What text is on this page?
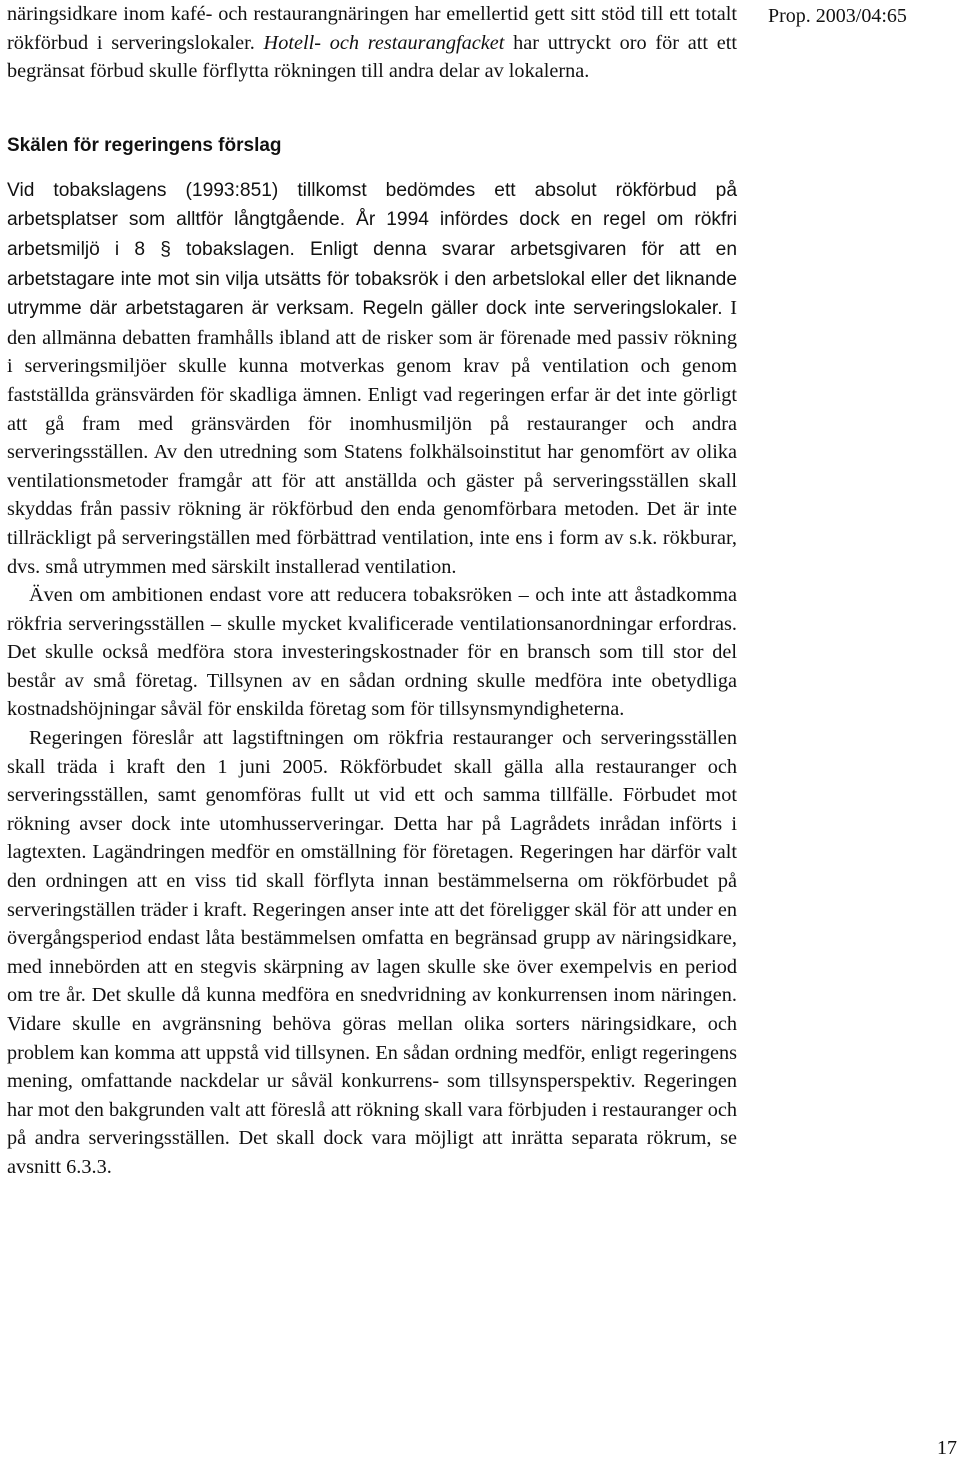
Prop. 2003/04:65

näringsidkare inom kafé- och restaurangnäringen har emellertid gett sitt stöd till ett totalt rökförbud i serveringslokaler. Hotell- och restaurangfacket har uttryckt oro för att ett begränsat förbud skulle förflytta rökningen till andra delar av lokalerna.

Skälen för regeringens förslag

Vid tobakslagens (1993:851) tillkomst bedömdes ett absolut rökförbud på arbetsplatser som alltför långtgående. År 1994 infördes dock en regel om rökfri arbetsmiljö i 8 § tobakslagen. Enligt denna svarar arbetsgivaren för att en arbetstagare inte mot sin vilja utsätts för tobaksrök i den arbetslokal eller det liknande utrymme där arbetstagaren är verksam. Regeln gäller dock inte serveringslokaler. I den allmänna debatten framhålls ibland att de risker som är förenade med passiv rökning i serveringsmiljöer skulle kunna motverkas genom krav på ventilation och genom fastställda gränsvärden för skadliga ämnen. Enligt vad regeringen erfar är det inte görligt att gå fram med gränsvärden för inomhusmiljön på restauranger och andra serveringsställen. Av den utredning som Statens folkhälsoinstitut har genomfört av olika ventilationsmetoder framgår att för att anställda och gäster på serveringsställen skall skyddas från passiv rökning är rökförbud den enda genomförbara metoden. Det är inte tillräckligt på serveringställen med förbättrad ventilation, inte ens i form av s.k. rökburar, dvs. små utrymmen med särskilt installerad ventilation.

Även om ambitionen endast vore att reducera tobaksröken – och inte att åstadkomma rökfria serveringsställen – skulle mycket kvalificerade ventilationsanordningar erfordras. Det skulle också medföra stora investeringskostnader för en bransch som till stor del består av små företag. Tillsynen av en sådan ordning skulle medföra inte obetydliga kostnadshöjningar såväl för enskilda företag som för tillsynsmyndigheterna.

Regeringen föreslår att lagstiftningen om rökfria restauranger och serveringsställen skall träda i kraft den 1 juni 2005. Rökförbudet skall gälla alla restauranger och serveringsställen, samt genomföras fullt ut vid ett och samma tillfälle. Förbudet mot rökning avser dock inte utomhusserveringar. Detta har på Lagrådets inrådan införts i lagtexten. Lagändringen medför en omställning för företagen. Regeringen har därför valt den ordningen att en viss tid skall förflyta innan bestämmelserna om rökförbudet på serveringställen träder i kraft. Regeringen anser inte att det föreligger skäl för att under en övergångsperiod endast låta bestämmelsen omfatta en begränsad grupp av näringsidkare, med innebörden att en stegvis skärpning av lagen skulle ske över exempelvis en period om tre år. Det skulle då kunna medföra en snedvridning av konkurrensen inom näringen. Vidare skulle en avgränsning behöva göras mellan olika sorters näringsidkare, och problem kan komma att uppstå vid tillsynen. En sådan ordning medför, enligt regeringens mening, omfattande nackdelar ur såväl konkurrens- som tillsynsperspektiv. Regeringen har mot den bakgrunden valt att föreslå att rökning skall vara förbjuden i restauranger och på andra serveringsställen. Det skall dock vara möjligt att inrätta separata rökrum, se avsnitt 6.3.3.

17
